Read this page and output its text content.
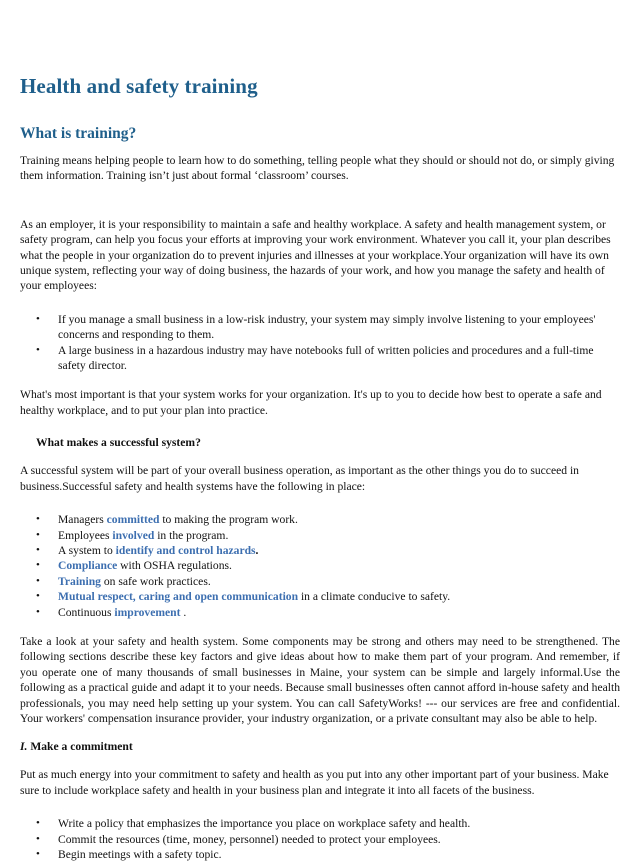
Health and safety training
What is training?

Training means helping people to learn how to do something, telling people what they should or should not do, or simply giving them information. Training isn’t just about formal ‘classroom’ courses.

As an employer, it is your responsibility to maintain a safe and healthy workplace. A safety and health management system, or safety program, can help you focus your efforts at improving your work environment. Whatever you call it, your plan describes what the people in your organization do to prevent injuries and illnesses at your workplace.Your organization will have its own unique system, reflecting your way of doing business, the hazards of your work, and how you manage the safety and health of your employees:

• If you manage a small business in a low-risk industry, your system may simply involve listening to your employees' concerns and responding to them.
• A large business in a hazardous industry may have notebooks full of written policies and procedures and a full-time safety director.

What's most important is that your system works for your organization. It's up to you to decide how best to operate a safe and healthy workplace, and to put your plan into practice.

What makes a successful system?

A successful system will be part of your overall business operation, as important as the other things you do to succeed in business.Successful safety and health systems have the following in place:

• Managers committed to making the program work.
• Employees involved in the program.
• A system to identify and control hazards.
• Compliance with OSHA regulations.
• Training on safe work practices.
• Mutual respect, caring and open communication in a climate conducive to safety.
• Continuous improvement .

Take a look at your safety and health system. Some components may be strong and others may need to be strengthened. The following sections describe these key factors and give ideas about how to make them part of your program. And remember, if you operate one of many thousands of small businesses in Maine, your system can be simple and largely informal.Use the following as a practical guide and adapt it to your needs. Because small businesses often cannot afford in-house safety and health professionals, you may need help setting up your system. You can call SafetyWorks! --- our services are free and confidential. Your workers' compensation insurance provider, your industry organization, or a private consultant may also be able to help.

I. Make a commitment

Put as much energy into your commitment to safety and health as you put into any other important part of your business. Make sure to include workplace safety and health in your business plan and integrate it into all facets of the business.

• Write a policy that emphasizes the importance you place on workplace safety and health.
• Commit the resources (time, money, personnel) needed to protect your employees.
• Begin meetings with a safety topic.
